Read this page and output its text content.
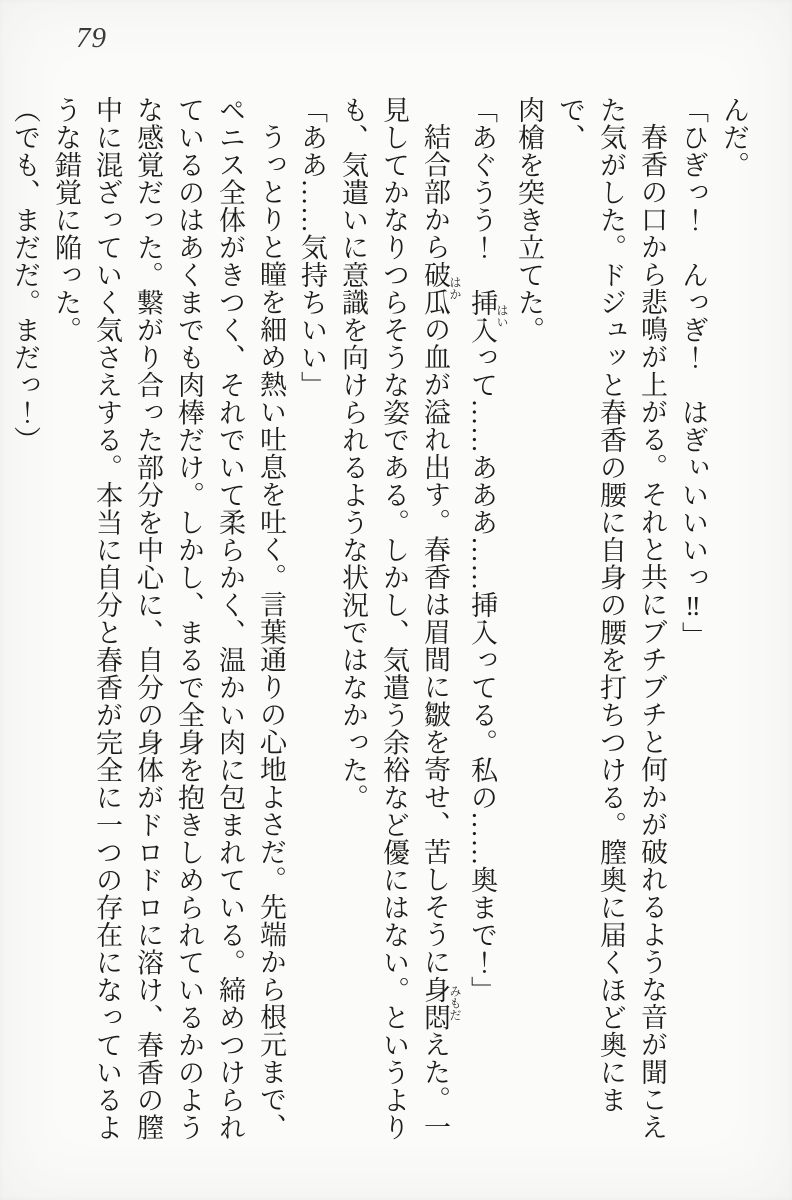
79

んだ。

「ひぎっ！　んっぎ！　はぎぃいいいっ‼」

春香の口から悲鳴が上がる。それと共にブチブチと何かが破れるような音が聞こえ

た気がした。ドジュッと春香の腰に自身の腰を打ちつける。膣奥に届くほど奥にまで、

肉槍を突き立てた。

「あぐうう！　挿入はいって……あああ……挿入ってる。私の……奥まで！」

結合部から破瓜はかの血が溢れ出す。春香は眉間に皺を寄せ、苦しそうに身悶みもだえた。一

見してかなりつらそうな姿である。しかし、気遣う余裕など優にはない。というより

も、気遣いに意識を向けられるような状況ではなかった。

「ああ……気持ちいい」

うっとりと瞳を細め熱い吐息を吐く。言葉通りの心地よさだ。先端から根元まで、

ペニス全体がきつく、それでいて柔らかく、温かい肉に包まれている。締めつけられ

ているのはあくまでも肉棒だけ。しかし、まるで全身を抱きしめられているかのよう

な感覚だった。繋がり合った部分を中心に、自分の身体がドロドロに溶け、春香の膣

中に混ざっていく気さえする。本当に自分と春香が完全に一つの存在になっているよ

うな錯覚に陥った。

（でも、まだだ。まだっ！）
